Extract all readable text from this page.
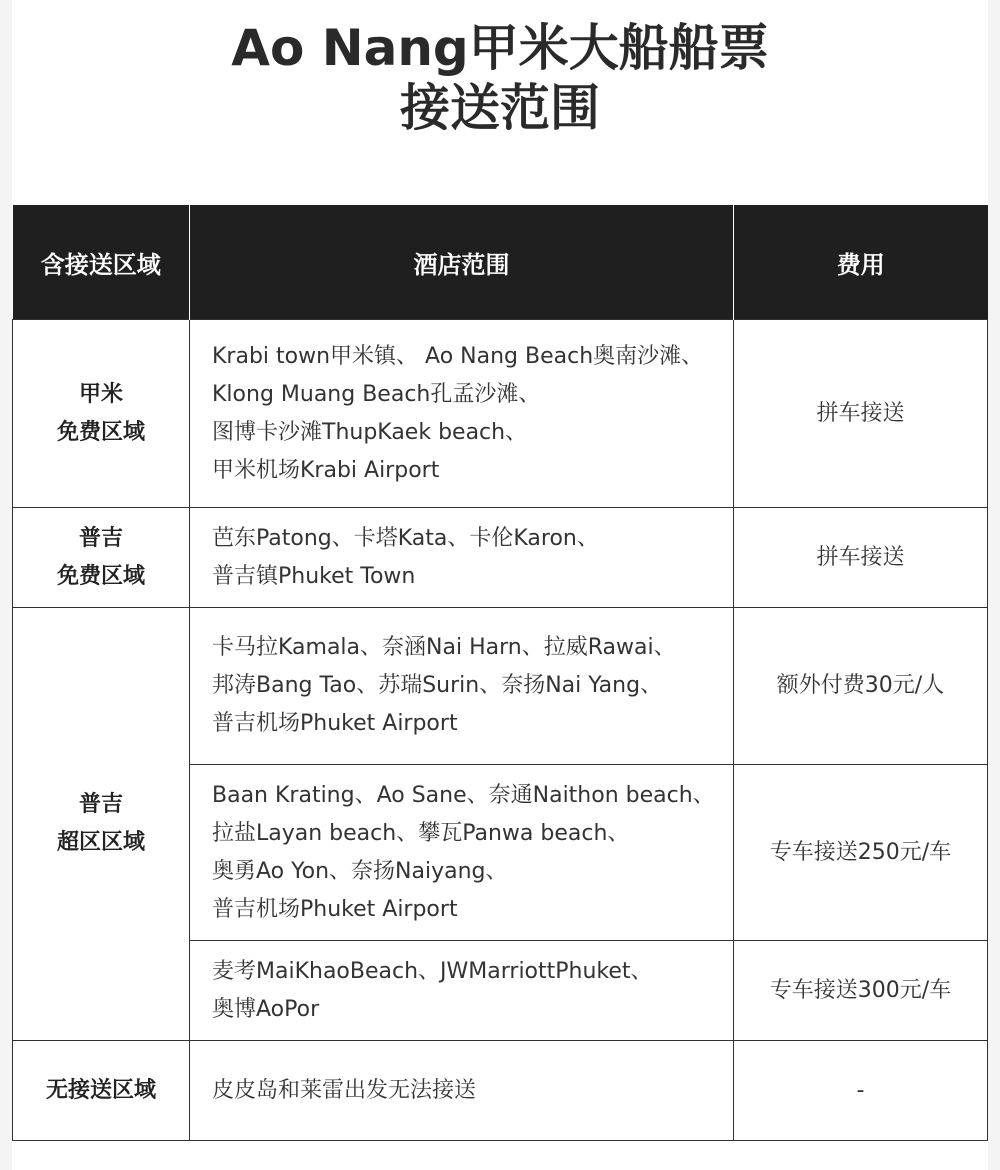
Ao Nang甲米大船船票
接送范围
含接送区域	酒店范围	费用

甲米
免费区域	Krabi town甲米镇、 Ao Nang Beach奥南沙滩、
Klong Muang Beach孔孟沙滩、
图博卡沙滩ThupKaek beach、
甲米机场Krabi Airport	拼车接送

普吉
免费区域	芭东Patong、卡塔Kata、卡伦Karon、
普吉镇Phuket Town	拼车接送

普吉
超区区域	卡马拉Kamala、奈涵Nai Harn、拉威Rawai、
邦涛Bang Tao、苏瑞Surin、奈扬Nai Yang、
普吉机场Phuket Airport	额外付费30元/人

	Baan Krating、Ao Sane、奈通Naithon beach、
拉盐Layan beach、攀瓦Panwa beach、
奥勇Ao Yon、奈扬Naiyang、
普吉机场Phuket Airport	专车接送250元/车

	麦考MaiKhaoBeach、JWMarriottPhuket、
奥博AoPor	专车接送300元/车

无接送区域	皮皮岛和莱雷出发无法接送	-
